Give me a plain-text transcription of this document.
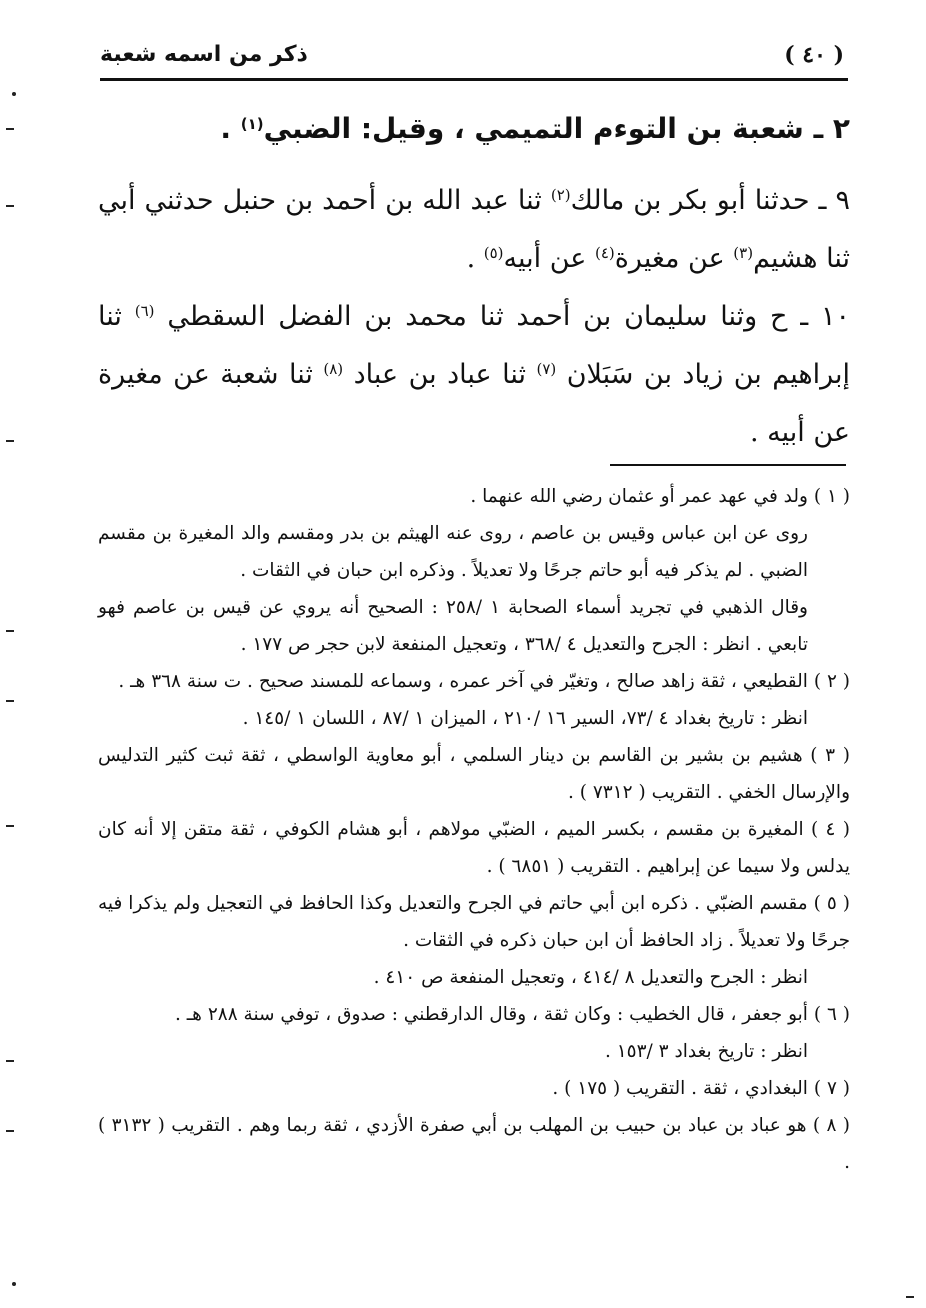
ذكر من اسمه شعبة	( ٤٠ )
٢ ـ شعبة بن التوءم التميمي ، وقيل: الضبي$^{(١)}$ .
٩ ـ حدثنا أبو بكر بن مالك$^{(٢)}$ ثنا عبد الله بن أحمد بن حنبل حدثني أبي ثنا هشيم$^{(٣)}$ عن مغيرة$^{(٤)}$ عن أبيه$^{(٥)}$ .
١٠ ـ ح وثنا سليمان بن أحمد ثنا محمد بن الفضل السقطي $^{(٦)}$ ثنا إبراهيم بن زياد بن سَبَلان $^{(٧)}$ ثنا عباد بن عباد $^{(٨)}$ ثنا شعبة عن مغيرة عن أبيه .
( ١ ) ولد في عهد عمر أو عثمان رضي الله عنهما .
روى عن ابن عباس وقيس بن عاصم ، روى عنه الهيثم بن بدر ومقسم والد المغيرة بن مقسم الضبي . لم يذكر فيه أبو حاتم جرحًا ولا تعديلاً . وذكره ابن حبان في الثقات .
وقال الذهبي في تجريد أسماء الصحابة ١ /٢٥٨ : الصحيح أنه يروي عن قيس بن عاصم فهو تابعي . انظر : الجرح والتعديل ٤ /٣٦٨ ، وتعجيل المنفعة لابن حجر ص ١٧٧ .
( ٢ ) القطيعي ، ثقة زاهد صالح ، وتغيّر في آخر عمره ، وسماعه للمسند صحيح . ت سنة ٣٦٨ هـ .
انظر : تاريخ بغداد ٤ /٧٣، السير ١٦ /٢١٠ ، الميزان ١ /٨٧ ، اللسان ١ /١٤٥ .
( ٣ ) هشيم بن بشير بن القاسم بن دينار السلمي ، أبو معاوية الواسطي ، ثقة ثبت كثير التدليس والإرسال الخفي . التقريب ( ٧٣١٢ ) .
( ٤ ) المغيرة بن مقسم ، بكسر الميم ، الضبّي مولاهم ، أبو هشام الكوفي ، ثقة متقن إلا أنه كان يدلس ولا سيما عن إبراهيم . التقريب ( ٦٨٥١ ) .
( ٥ ) مقسم الضبّي . ذكره ابن أبي حاتم في الجرح والتعديل وكذا الحافظ في التعجيل ولم يذكرا فيه جرحًا ولا تعديلاً . زاد الحافظ أن ابن حبان ذكره في الثقات .
انظر : الجرح والتعديل ٨ /٤١٤ ، وتعجيل المنفعة ص ٤١٠ .
( ٦ ) أبو جعفر ، قال الخطيب : وكان ثقة ، وقال الدارقطني : صدوق ، توفي سنة ٢٨٨ هـ .
انظر : تاريخ بغداد ٣ /١٥٣ .
( ٧ ) البغدادي ، ثقة . التقريب ( ١٧٥ ) .
( ٨ ) هو عباد بن عباد بن حبيب بن المهلب بن أبي صفرة الأزدي ، ثقة ربما وهم . التقريب ( ٣١٣٢ ) .
